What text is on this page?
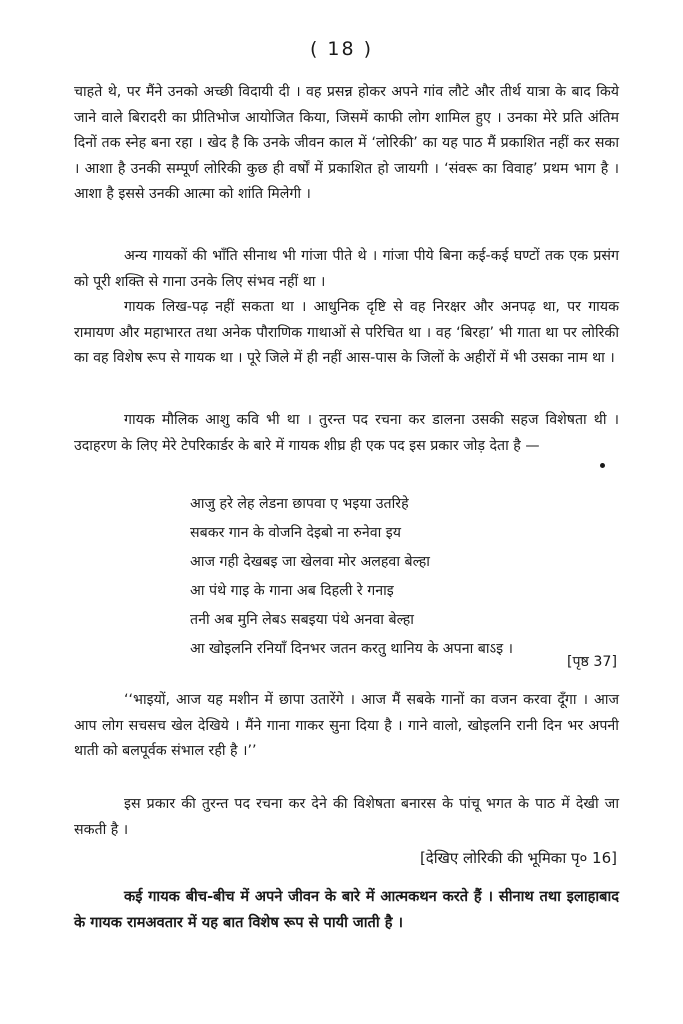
( 18 )

चाहते थे, पर मैंने उनको अच्छी विदायी दी । वह प्रसन्न होकर अपने गांव लौटे और तीर्थ यात्रा के बाद किये जाने वाले बिरादरी का प्रीतिभोज आयोजित किया, जिसमें काफी लोग शामिल हुए । उनका मेरे प्रति अंतिम दिनों तक स्नेह बना रहा । खेद है कि उनके जीवन काल में ‘लोरिकी’ का यह पाठ मैं प्रकाशित नहीं कर सका । आशा है उनकी सम्पूर्ण लोरिकी कुछ ही वर्षों में प्रकाशित हो जायगी । ‘संवरू का विवाह’ प्रथम भाग है । आशा है इससे उनकी आत्मा को शांति मिलेगी ।

अन्य गायकों की भाँति सीनाथ भी गांजा पीते थे । गांजा पीये बिना कई-कई घण्टों तक एक प्रसंग को पूरी शक्ति से गाना उनके लिए संभव नहीं था ।

गायक लिख-पढ़ नहीं सकता था । आधुनिक दृष्टि से वह निरक्षर और अनपढ़ था, पर गायक रामायण और महाभारत तथा अनेक पौराणिक गाथाओं से परिचित था । वह ‘बिरहा’ भी गाता था पर लोरिकी का वह विशेष रूप से गायक था । पूरे जिले में ही नहीं आस-पास के जिलों के अहीरों में भी उसका नाम था ।

गायक मौलिक आशु कवि भी था । तुरन्त पद रचना कर डालना उसकी सहज विशेषता थी । उदाहरण के लिए मेरे टेपरिकार्डर के बारे में गायक शीघ्र ही एक पद इस प्रकार जोड़ देता है —

आजु हरे लेह लेडना छापवा ए भइया उतरिहे
सबकर गान के वोजनि देइबो ना रुनेवा इय
आज गही देखबइ जा खेलवा मोर अलहवा बेल्हा
आ पंथे गाइ के गाना अब दिहली रे गनाइ
तनी अब मुनि लेबऽ सबइया पंथे अनवा बेल्हा
आ खोइलनि रनियाँ दिनभर जतन करतु थानिय के अपना बाऽइ ।
[पृष्ठ 37]

‘‘भाइयों, आज यह मशीन में छापा उतारेंगे । आज मैं सबके गानों का वजन करवा दूँगा । आज आप लोग सचसच खेल देखिये । मैंने गाना गाकर सुना दिया है । गाने वालो, खोइलनि रानी दिन भर अपनी थाती को बलपूर्वक संभाल रही है ।’’

इस प्रकार की तुरन्त पद रचना कर देने की विशेषता बनारस के पांचू भगत के पाठ में देखी जा सकती है ।

[देखिए लोरिकी की भूमिका पृ० 16]

कई गायक बीच-बीच में अपने जीवन के बारे में आत्मकथन करते हैं । सीनाथ तथा इलाहाबाद के गायक रामअवतार में यह बात विशेष रूप से पायी जाती है ।
